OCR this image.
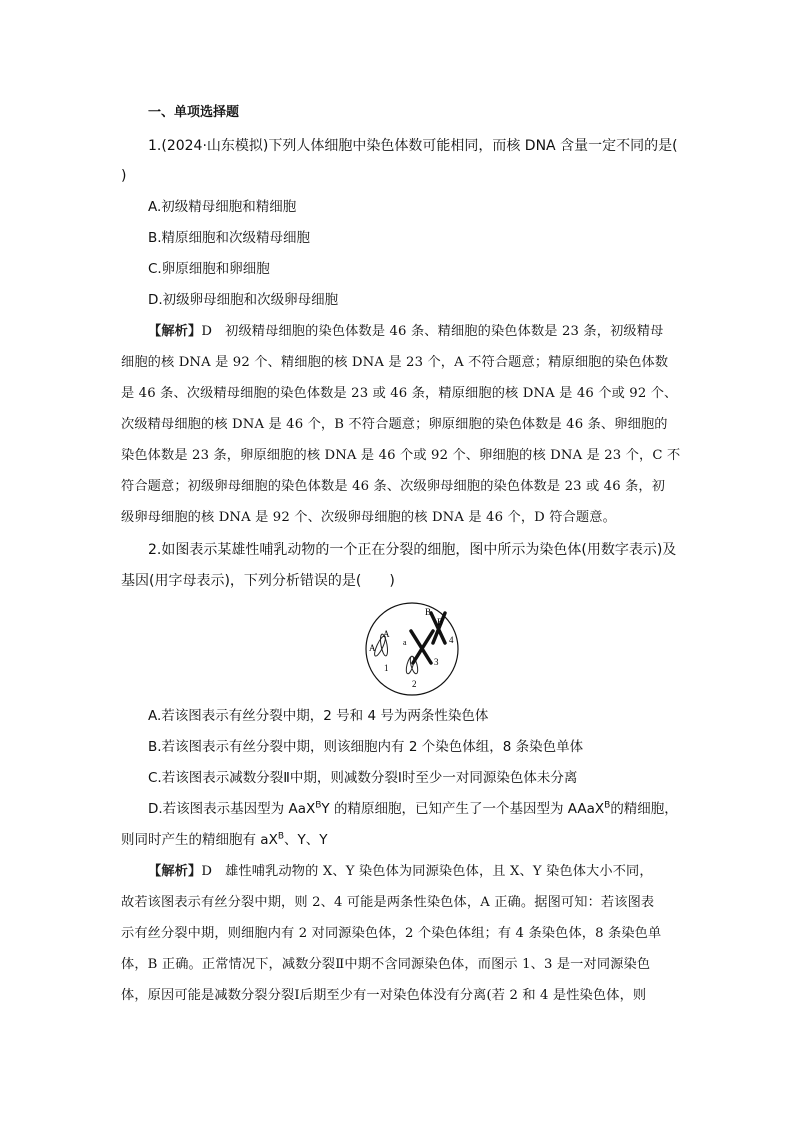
一、单项选择题
1.(2024·山东模拟)下列人体细胞中染色体数可能相同，而核 DNA 含量一定不同的是(
)
A.初级精母细胞和精细胞
B.精原细胞和次级精母细胞
C.卵原细胞和卵细胞
D.初级卵母细胞和次级卵母细胞
【解析】D 初级精母细胞的染色体数是 46 条、精细胞的染色体数是 23 条，初级精母
细胞的核 DNA 是 92 个、精细胞的核 DNA 是 23 个，A 不符合题意；精原细胞的染色体数
是 46 条、次级精母细胞的染色体数是 23 或 46 条，精原细胞的核 DNA 是 46 个或 92 个、
次级精母细胞的核 DNA 是 46 个，B 不符合题意；卵原细胞的染色体数是 46 条、卵细胞的
染色体数是 23 条，卵原细胞的核 DNA 是 46 个或 92 个、卵细胞的核 DNA 是 23 个，C 不
符合题意；初级卵母细胞的染色体数是 46 条、次级卵母细胞的染色体数是 23 或 46 条，初
级卵母细胞的核 DNA 是 92 个、次级卵母细胞的核 DNA 是 46 个，D 符合题意。
2.如图表示某雄性哺乳动物的一个正在分裂的细胞，图中所示为染色体(用数字表示)及
基因(用字母表示)，下列分析错误的是(　　)
A
A
B
B
a
1
2
3
4
A.若该图表示有丝分裂中期，2 号和 4 号为两条性染色体
B.若该图表示有丝分裂中期，则该细胞内有 2 个染色体组，8 条染色单体
C.若该图表示减数分裂Ⅱ中期，则减数分裂Ⅰ时至少一对同源染色体未分离
D.若该图表示基因型为 AaX$^B$Y 的精原细胞，已知产生了一个基因型为 AAaX$^B$的精细胞，
则同时产生的精细胞有 $aX^B$、Y、Y
【解析】D 雄性哺乳动物的 X、Y 染色体为同源染色体，且 X、Y 染色体大小不同，
故若该图表示有丝分裂中期，则 2、4 可能是两条性染色体，A 正确。据图可知：若该图表
示有丝分裂中期，则细胞内有 2 对同源染色体，2 个染色体组；有 4 条染色体，8 条染色单
体，B 正确。正常情况下，减数分裂Ⅱ中期不含同源染色体，而图示 1、3 是一对同源染色
体，原因可能是减数分裂分裂Ⅰ后期至少有一对染色体没有分离(若 2 和 4 是性染色体，则
